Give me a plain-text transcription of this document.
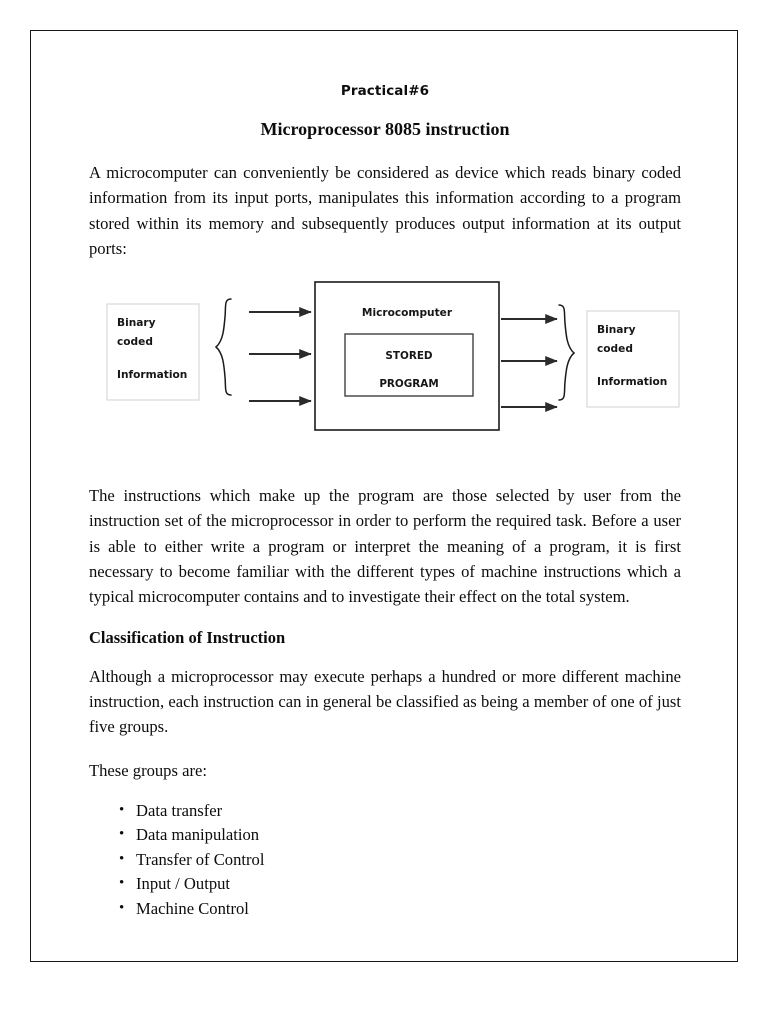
Practical#6
Microprocessor 8085 instruction

A microcomputer can conveniently be considered as device which reads binary coded information from its input ports, manipulates this information according to a program stored within its memory and subsequently produces output information at its output ports:

Binary
coded
Information
Microcomputer
STORED
PROGRAM
Binary
coded
Information

The instructions which make up the program are those selected by user from the instruction set of the microprocessor in order to perform the required task. Before a user is able to either write a program or interpret the meaning of a program, it is first necessary to become familiar with the different types of machine instructions which a typical microcomputer contains and to investigate their effect on the total system.

Classification of Instruction

Although a microprocessor may execute perhaps a hundred or more different machine instruction, each instruction can in general be classified as being a member of one of just five groups.

These groups are:

• Data transfer
• Data manipulation
• Transfer of Control
• Input / Output
• Machine Control
